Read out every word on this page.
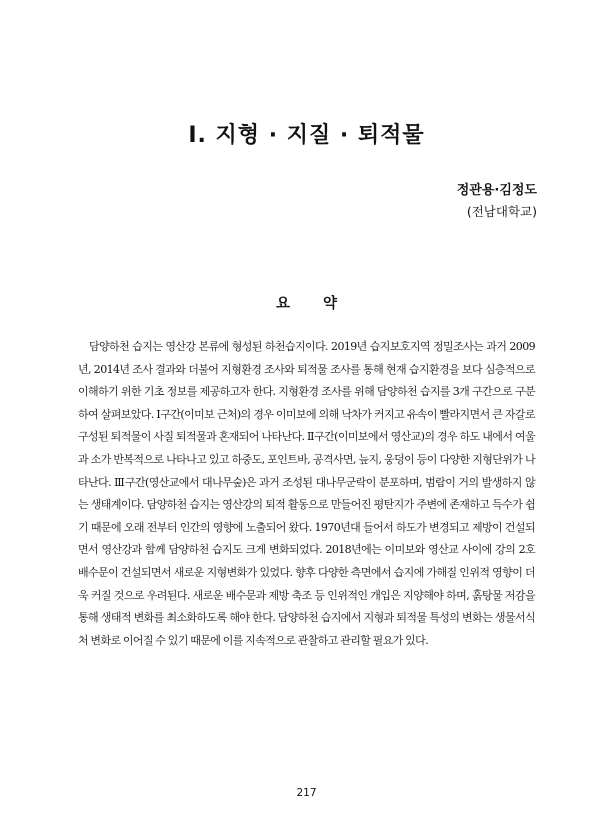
Ⅰ. 지형 · 지질 · 퇴적물
정관용·김정도
(전남대학교)
요 약

담양하천 습지는 영산강 본류에 형성된 하천습지이다. 2019년 습지보호지역 정밀조사는 과거 2009년, 2014년 조사 결과와 더불어 지형환경 조사와 퇴적물 조사를 통해 현재 습지환경을 보다 심층적으로 이해하기 위한 기초 정보를 제공하고자 한다. 지형환경 조사를 위해 담양하천 습지를 3개 구간으로 구분하여 살펴보았다. Ⅰ구간(이미보 근처)의 경우 이미보에 의해 낙차가 커지고 유속이 빨라지면서 큰 자갈로 구성된 퇴적물이 사질 퇴적물과 혼재되어 나타난다. Ⅱ구간(이미보에서 영산교)의 경우 하도 내에서 여울과 소가 반복적으로 나타나고 있고 하중도, 포인트바, 공격사면, 늪지, 웅덩이 등이 다양한 지형단위가 나타난다. Ⅲ구간(영산교에서 대나무숲)은 과거 조성된 대나무군락이 분포하며, 범람이 거의 발생하지 않는 생태계이다. 담양하천 습지는 영산강의 퇴적 활동으로 만들어진 평탄지가 주변에 존재하고 득수가 쉽기 때문에 오래 전부터 인간의 영향에 노출되어 왔다. 1970년대 들어서 하도가 변경되고 제방이 건설되면서 영산강과 함께 담양하천 습지도 크게 변화되었다. 2018년에는 이미보와 영산교 사이에 강의 2호 배수문이 건설되면서 새로운 지형변화가 있었다. 향후 다양한 측면에서 습지에 가해질 인위적 영향이 더욱 커질 것으로 우려된다. 새로운 배수문과 제방 축조 등 인위적인 개입은 지양해야 하며, 홁탕물 저감을 통해 생태적 변화를 최소화하도록 해야 한다. 담양하천 습지에서 지형과 퇴적물 특성의 변화는 생물서식처 변화로 이어질 수 있기 때문에 이를 지속적으로 관찰하고 관리할 필요가 있다.

217
